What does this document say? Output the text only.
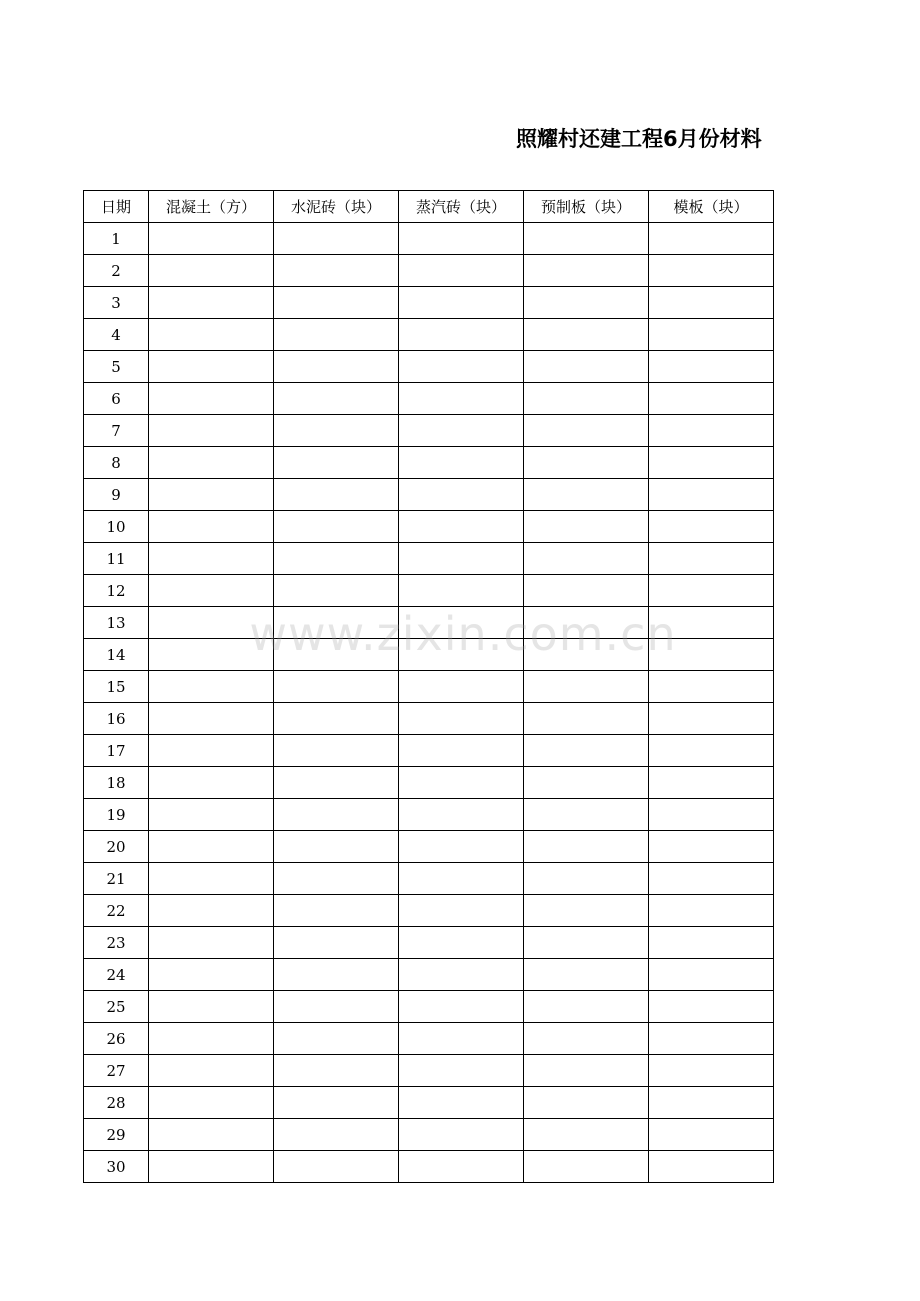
照耀村还建工程6月份材料
日期	混凝土（方）	水泥砖（块）	蒸汽砖（块）	预制板（块）	模板（块）
1					
2					
3					
4					
5					
6					
7					
8					
9					
10					
11					
12					
13					
14					
15					
16					
17					
18					
19					
20					
21					
22					
23					
24					
25					
26					
27					
28					
29					
30					
www.zixin.com.cn
